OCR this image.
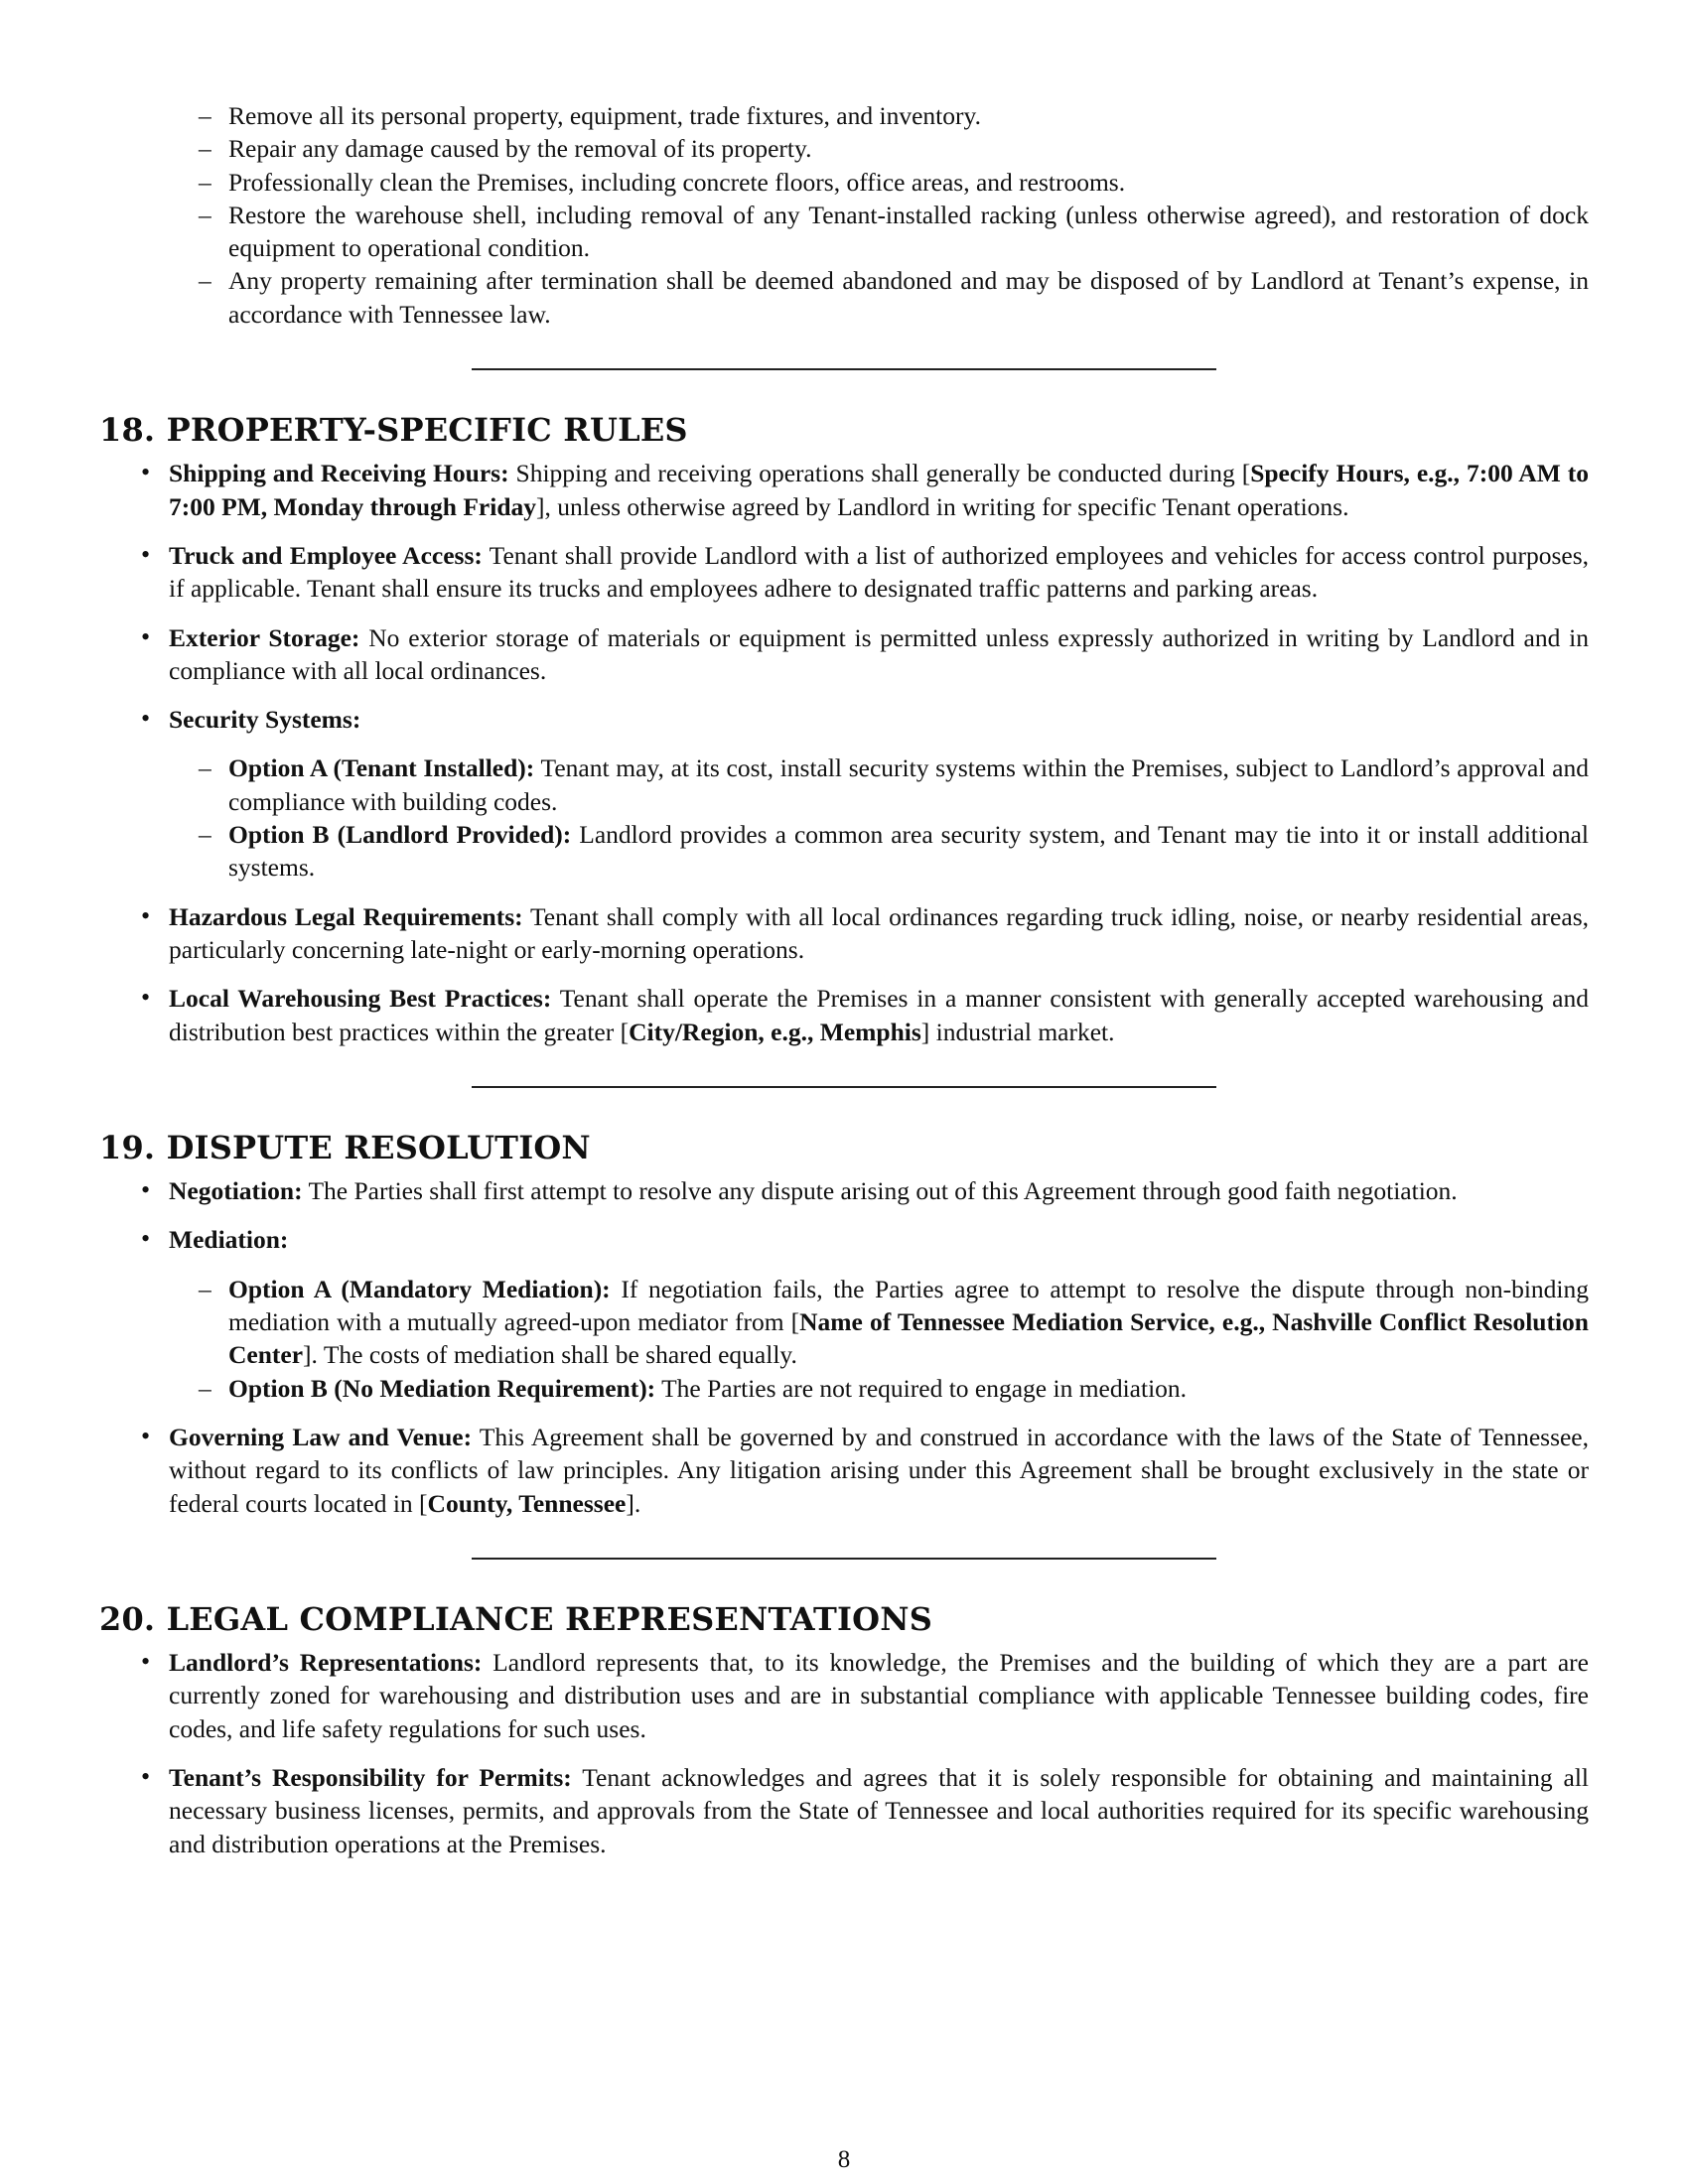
– Remove all its personal property, equipment, trade fixtures, and inventory.
– Repair any damage caused by the removal of its property.
– Professionally clean the Premises, including concrete floors, office areas, and restrooms.
– Restore the warehouse shell, including removal of any Tenant-installed racking (unless otherwise agreed), and restoration of dock equipment to operational condition.
– Any property remaining after termination shall be deemed abandoned and may be disposed of by Landlord at Tenant’s expense, in accordance with Tennessee law.
18. PROPERTY-SPECIFIC RULES
• Shipping and Receiving Hours: Shipping and receiving operations shall generally be conducted during [Specify Hours, e.g., 7:00 AM to 7:00 PM, Monday through Friday], unless otherwise agreed by Landlord in writing for specific Tenant operations.
• Truck and Employee Access: Tenant shall provide Landlord with a list of authorized employees and vehicles for access control purposes, if applicable. Tenant shall ensure its trucks and employees adhere to designated traffic patterns and parking areas.
• Exterior Storage: No exterior storage of materials or equipment is permitted unless expressly authorized in writing by Landlord and in compliance with all local ordinances.
• Security Systems:
– Option A (Tenant Installed): Tenant may, at its cost, install security systems within the Premises, subject to Landlord’s approval and compliance with building codes.
– Option B (Landlord Provided): Landlord provides a common area security system, and Tenant may tie into it or install additional systems.
• Hazardous Legal Requirements: Tenant shall comply with all local ordinances regarding truck idling, noise, or nearby residential areas, particularly concerning late-night or early-morning operations.
• Local Warehousing Best Practices: Tenant shall operate the Premises in a manner consistent with generally accepted warehousing and distribution best practices within the greater [City/Region, e.g., Memphis] industrial market.
19. DISPUTE RESOLUTION
• Negotiation: The Parties shall first attempt to resolve any dispute arising out of this Agreement through good faith negotiation.
• Mediation:
– Option A (Mandatory Mediation): If negotiation fails, the Parties agree to attempt to resolve the dispute through non-binding mediation with a mutually agreed-upon mediator from [Name of Tennessee Mediation Service, e.g., Nashville Conflict Resolution Center]. The costs of mediation shall be shared equally.
– Option B (No Mediation Requirement): The Parties are not required to engage in mediation.
• Governing Law and Venue: This Agreement shall be governed by and construed in accordance with the laws of the State of Tennessee, without regard to its conflicts of law principles. Any litigation arising under this Agreement shall be brought exclusively in the state or federal courts located in [County, Tennessee].
20. LEGAL COMPLIANCE REPRESENTATIONS
• Landlord’s Representations: Landlord represents that, to its knowledge, the Premises and the building of which they are a part are currently zoned for warehousing and distribution uses and are in substantial compliance with applicable Tennessee building codes, fire codes, and life safety regulations for such uses.
• Tenant’s Responsibility for Permits: Tenant acknowledges and agrees that it is solely responsible for obtaining and maintaining all necessary business licenses, permits, and approvals from the State of Tennessee and local authorities required for its specific warehousing and distribution operations at the Premises.
8
